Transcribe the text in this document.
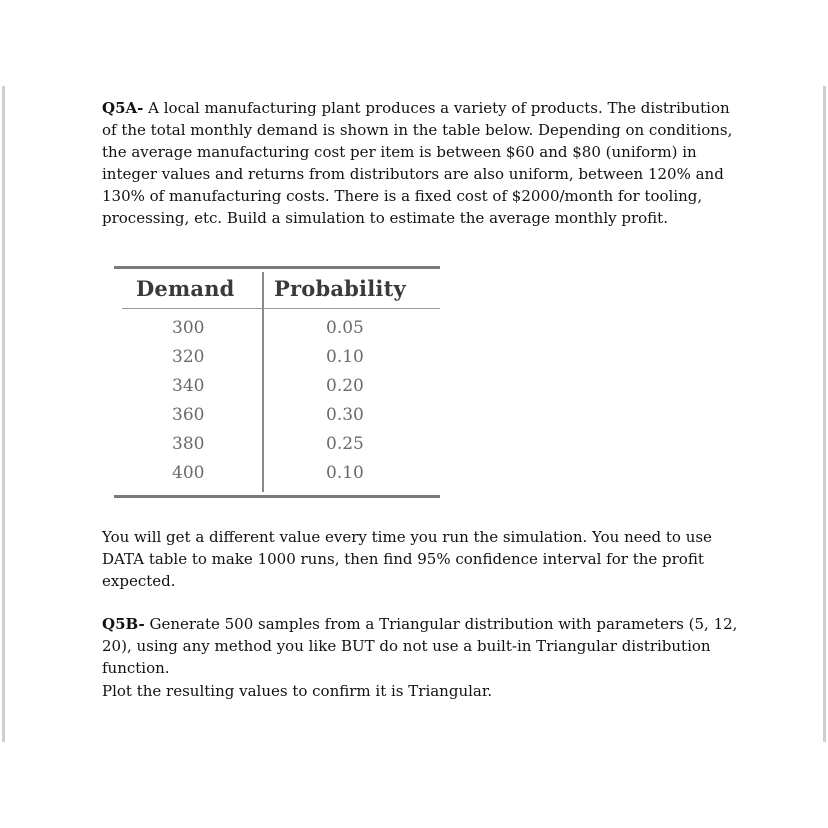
Q5A- A local manufacturing plant produces a variety of products. The distribution of the total monthly demand is shown in the table below. Depending on conditions, the average manufacturing cost per item is between $60 and $80 (uniform) in integer values and returns from distributors are also uniform, between 120% and 130% of manufacturing costs. There is a fixed cost of $2000/month for tooling, processing, etc. Build a simulation to estimate the average monthly profit.

Demand Probability
300	0.05
320	0.10
340	0.20
360	0.30
380	0.25
400	0.10

You will get a different value every time you run the simulation. You need to use DATA table to make 1000 runs, then find 95% confidence interval for the profit expected.

Q5B- Generate 500 samples from a Triangular distribution with parameters (5, 12, 20), using any method you like BUT do not use a built-in Triangular distribution function.

Plot the resulting values to confirm it is Triangular.
